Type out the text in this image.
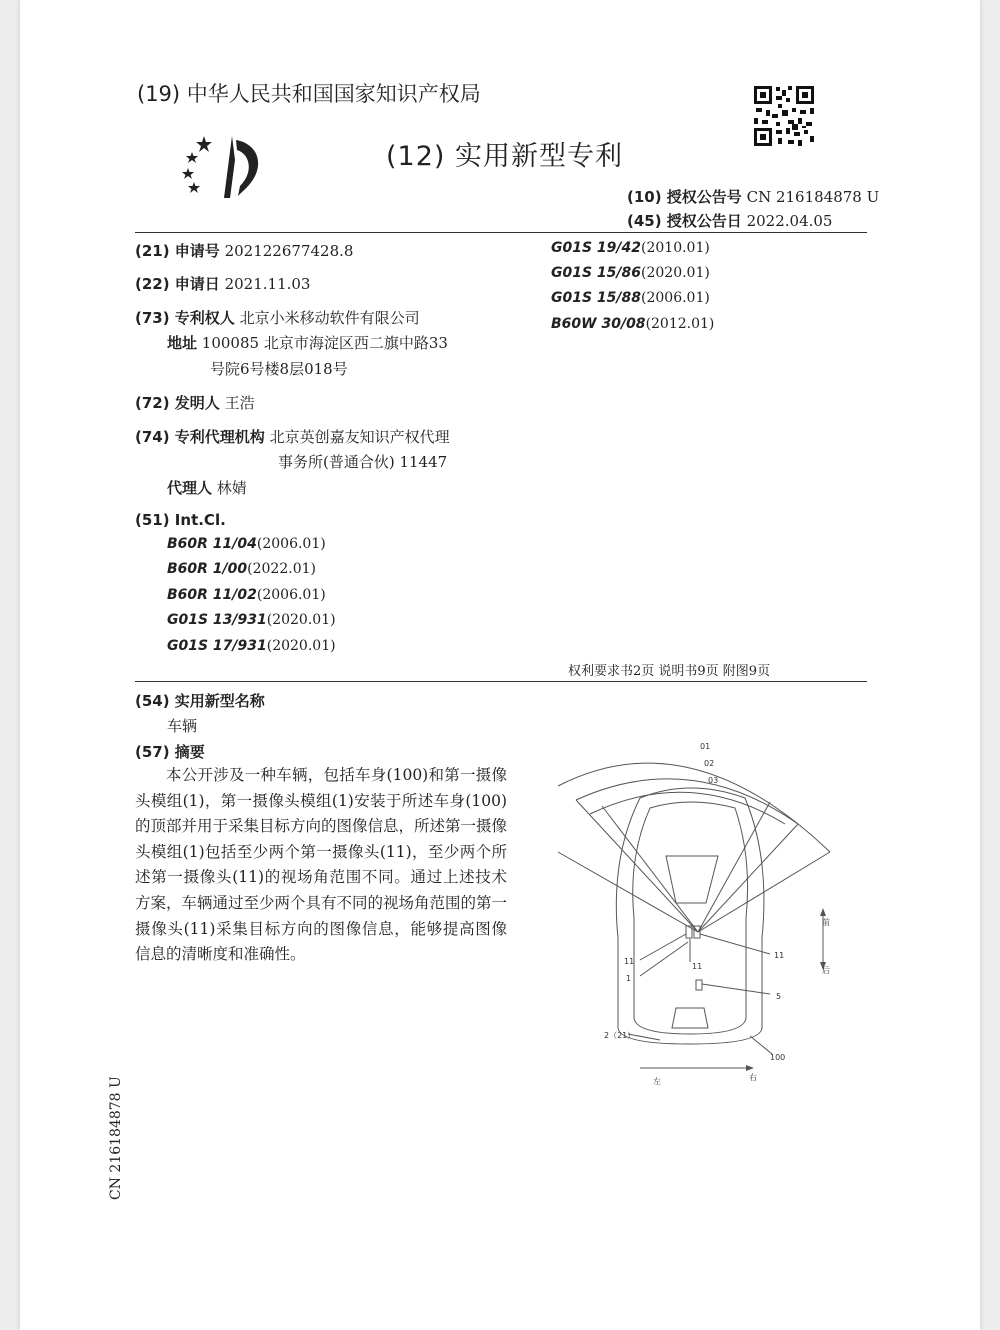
(19) 中华人民共和国国家知识产权局
(12) 实用新型专利
(10) 授权公告号 CN 216184878 U
(45) 授权公告日 2022.04.05
(21) 申请号 202122677428.8
(22) 申请日 2021.11.03
(73) 专利权人 北京小米移动软件有限公司
地址 100085 北京市海淀区西二旗中路33
号院6号楼8层018号
(72) 发明人 王浩
(74) 专利代理机构 北京英创嘉友知识产权代理
事务所(普通合伙) 11447
代理人 林婧
(51) Int.Cl.
B60R 11/04(2006.01)
B60R 1/00(2022.01)
B60R 11/02(2006.01)
G01S 13/931(2020.01)
G01S 17/931(2020.01)
G01S 19/42(2010.01)
G01S 15/86(2020.01)
G01S 15/88(2006.01)
B60W 30/08(2012.01)
权利要求书2页 说明书9页 附图9页
(54) 实用新型名称
车辆
(57) 摘要
本公开涉及一种车辆，包括车身(100)和第一摄像头模组(1)，第一摄像头模组(1)安装于所述车身(100)的顶部并用于采集目标方向的图像信息，所述第一摄像头模组(1)包括至少两个第一摄像头(11)，至少两个所述第一摄像头(11)的视场角范围不同。通过上述技术方案，车辆通过至少两个具有不同的视场角范围的第一摄像头(11)采集目标方向的图像信息，能够提高图像信息的清晰度和准确性。
01
02
03
前
后
左	右
11
1
11
11
5
2（21）
100
CN 216184878 U
